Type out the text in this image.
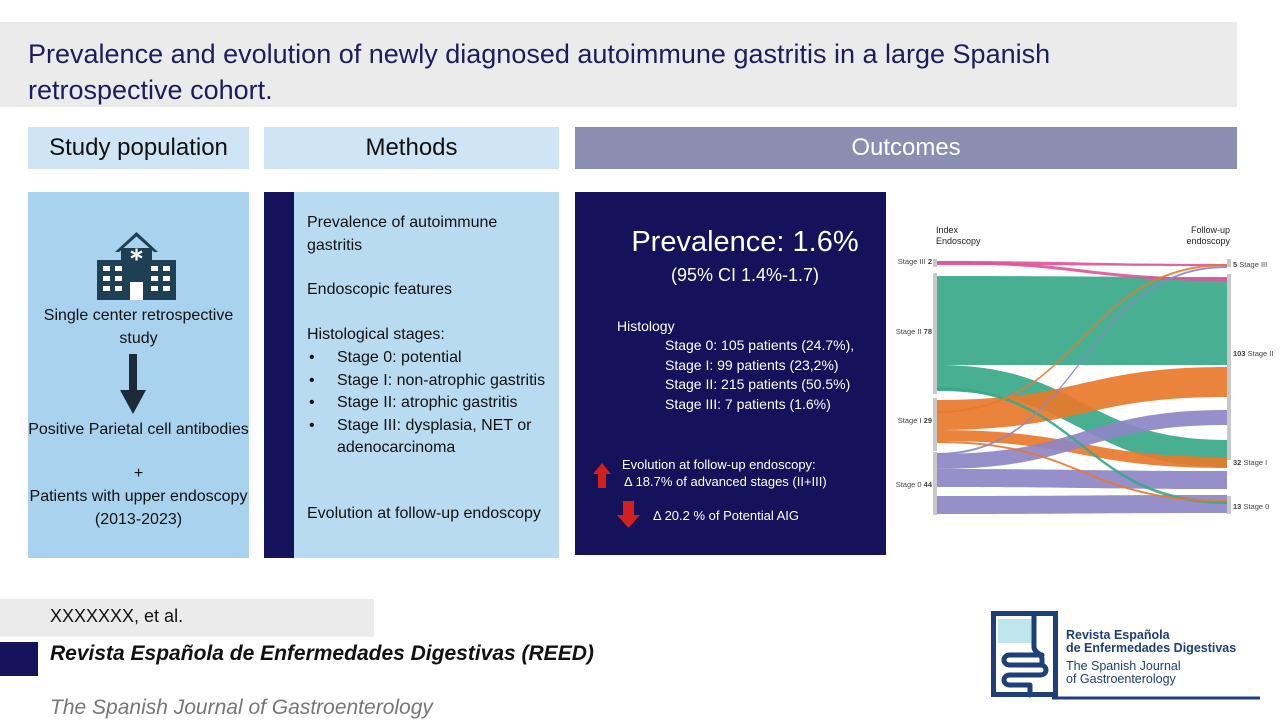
Prevalence and evolution of newly diagnosed autoimmune gastritis in a large Spanish retrospective cohort.
Study population	Methods	Outcomes
Single center retrospective study
Positive Parietal cell antibodies
+
Patients with upper endoscopy (2013-2023)
Prevalence of autoimmune gastritis
Endoscopic features
Histological stages:
• Stage 0: potential
• Stage I: non-atrophic gastritis
• Stage II: atrophic gastritis
• Stage III: dysplasia, NET or adenocarcinoma
Evolution at follow-up endoscopy
Prevalence: 1.6%
(95% CI 1.4%-1.7)
Histology
Stage 0: 105 patients (24.7%),
Stage I: 99 patients (23,2%)
Stage II: 215 patients (50.5%)
Stage III: 7 patients (1.6%)
Evolution at follow-up endoscopy:
Δ 18.7% of advanced stages (II+III)
Δ 20.2 % of Potential AIG
Index Endoscopy
Follow-up endoscopy
Stage III 2
Stage II 78
Stage I 29
Stage 0 44
5 Stage III
103 Stage II
32 Stage I
13 Stage 0
XXXXXXX, et al.
Revista Española de Enfermedades Digestivas (REED)
The Spanish Journal of Gastroenterology
Revista Española
de Enfermedades Digestivas
The Spanish Journal
of Gastroenterology
